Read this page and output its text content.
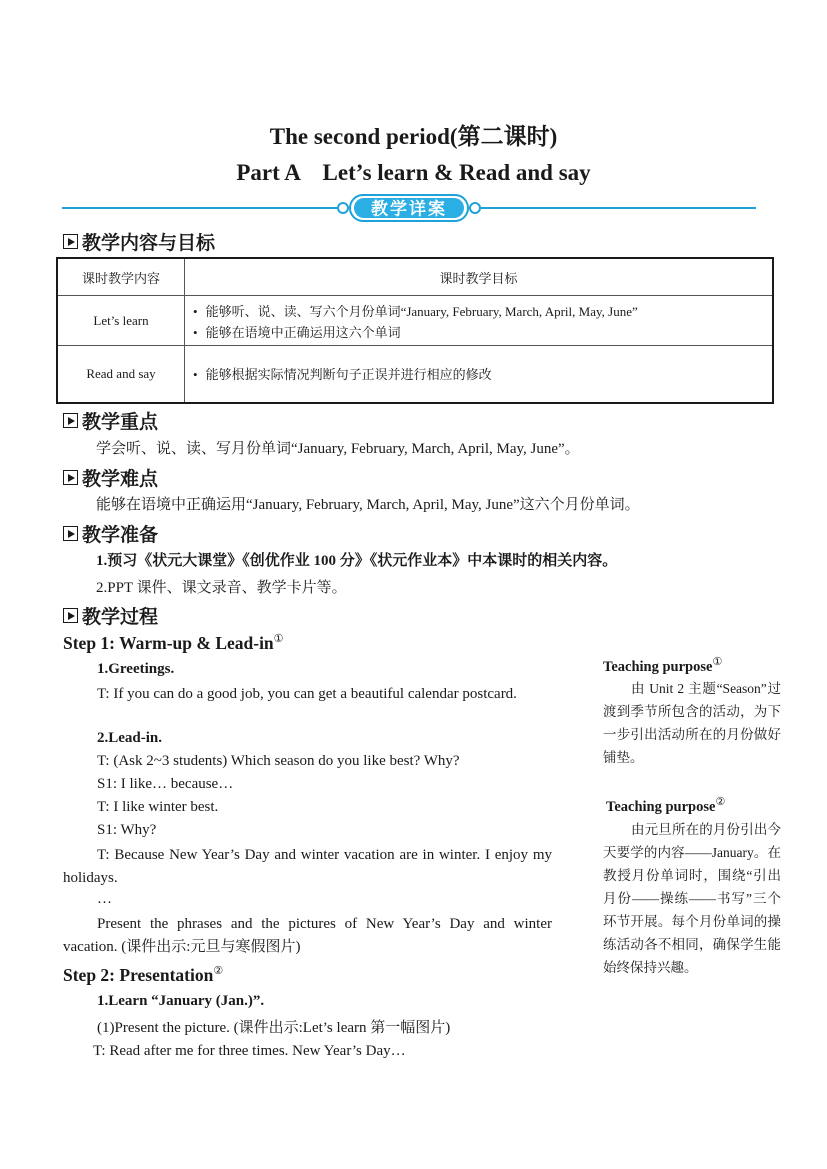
The second period(第二课时)
Part A    Let’s learn & Read and say
教学详案
教学内容与目标
课时教学内容	课时教学目标
Let’s learn	• 能够听、说、读、写六个月份单词“January, February, March, April, May, June”
• 能够在语境中正确运用这六个单词

Read and say	• 能够根据实际情况判断句子正误并进行相应的修改
教学重点
学会听、说、读、写月份单词“January, February, March, April, May, June”。
教学难点
能够在语境中正确运用“January, February, March, April, May, June”这六个月份单词。
教学准备
1.预习《状元大课堂》《创优作业 100 分》《状元作业本》中本课时的相关内容。
2.PPT 课件、课文录音、教学卡片等。
教学过程
Step 1: Warm-up & Lead-in①
1.Greetings.
T: If you can do a good job, you can get a beautiful calendar postcard.
2.Lead-in.
T: (Ask 2~3 students) Which season do you like best? Why?
S1: I like… because…
T: I like winter best.
S1: Why?
T: Because New Year’s Day and winter vacation are in winter. I enjoy my holidays.
…
Present the phrases and the pictures of New Year’s Day and winter vacation. (课件出示:元旦与寒假图片)
Step 2: Presentation②
1.Learn “January (Jan.)”.
(1)Present the picture. (课件出示:Let’s learn 第一幅图片)
T: Read after me for three times. New Year’s Day…
Teaching purpose①
由 Unit 2 主题“Season”过渡到季节所包含的活动，为下一步引出活动所在的月份做好铺垫。
Teaching purpose②
由元旦所在的月份引出今天要学的内容——January。在教授月份单词时，围绕“引出月份——操练——书写”三个环节开展。每个月份单词的操练活动各不相同，确保学生能始终保持兴趣。
